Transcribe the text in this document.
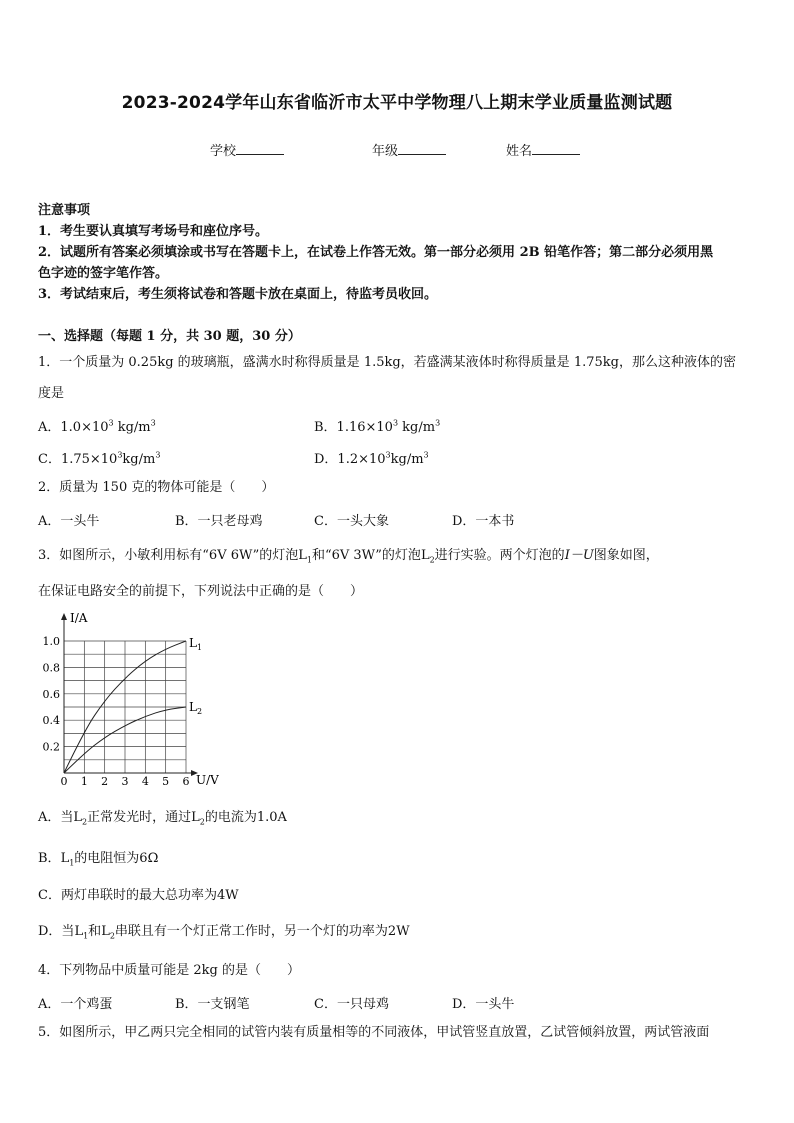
2023-2024学年山东省临沂市太平中学物理八上期末学业质量监测试题
学校	年级	姓名
注意事项
1．考生要认真填写考场号和座位序号。
2．试题所有答案必须填涂或书写在答题卡上，在试卷上作答无效。第一部分必须用 2B 铅笔作答；第二部分必须用黑
色字迹的签字笔作答。
3．考试结束后，考生须将试卷和答题卡放在桌面上，待监考员收回。
一、选择题（每题 1 分，共 30 题，30 分）
1．一个质量为 0.25kg 的玻璃瓶，盛满水时称得质量是 1.5kg，若盛满某液体时称得质量是 1.75kg，那么这种液体的密
度是
A．$1.0\times 10^3$ $kg/m^3$	B．$1.16\times 10^3$ $kg/m^3$
C．$1.75\times 10^3kg/m^3$	D．$1.2\times 10^3kg/m^3$
2．质量为 150 克的物体可能是（　　）
A．一头牛	B．一只老母鸡	C．一头大象	D．一本书
3．如图所示，小敏利用标有“6V 6W”的灯泡$L_1$和“6V 3W”的灯泡$L_2$进行实验。两个灯泡的I－U图象如图，
在保证电路安全的前提下，下列说法中正确的是（　　）
I/A
U/V
0.2
0.4
0.6
0.8
1.0
0 1 2 3 4 5 6
$L_1$
$L_2$
A．当$L_2$正常发光时，通过$L_2$的电流为1.0A
B．$L_1$的电阻恒为6Ω
C．两灯串联时的最大总功率为4W
D．当$L_1$和$L_2$串联且有一个灯正常工作时，另一个灯的功率为2W
4．下列物品中质量可能是 2kg 的是（　　）
A．一个鸡蛋	B．一支钢笔	C．一只母鸡	D．一头牛
5．如图所示，甲乙两只完全相同的试管内装有质量相等的不同液体，甲试管竖直放置，乙试管倾斜放置，两试管液面
